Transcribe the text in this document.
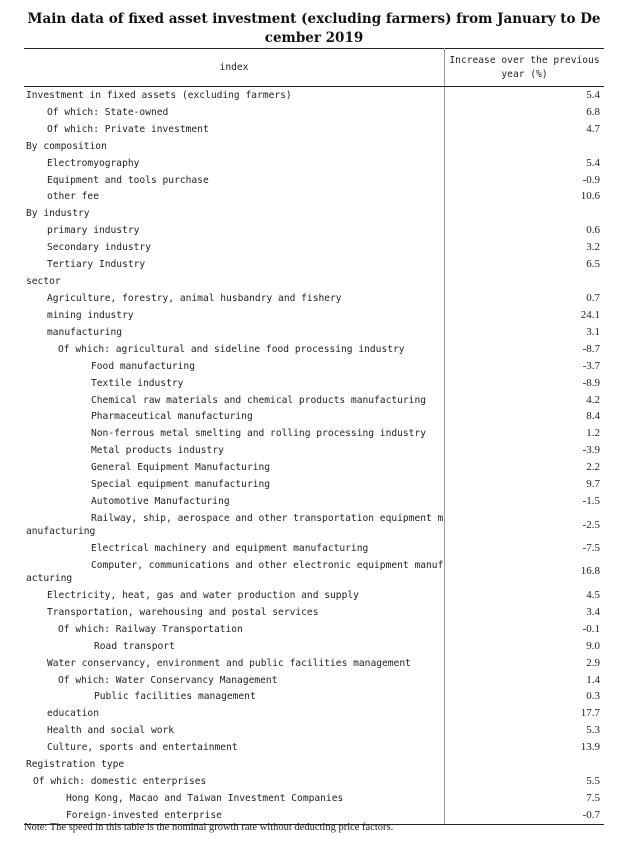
Main data of fixed asset investment (excluding farmers) from January to December 2019
index	Increase over the previous year (%)
Investment in fixed assets (excluding farmers)	5.4
Of which: State-owned	6.8
Of which: Private investment	4.7
By composition	
Electromyography	5.4
Equipment and tools purchase	-0.9
other fee	10.6
By industry	
primary industry	0.6
Secondary industry	3.2
Tertiary Industry	6.5
sector	
Agriculture, forestry, animal husbandry and fishery	0.7
mining industry	24.1
manufacturing	3.1
Of which: agricultural and sideline food processing industry	-8.7
Food manufacturing	-3.7
Textile industry	-8.9
Chemical raw materials and chemical products manufacturing	4.2
Pharmaceutical manufacturing	8.4
Non-ferrous metal smelting and rolling processing industry	1.2
Metal products industry	-3.9
General Equipment Manufacturing	2.2
Special equipment manufacturing	9.7
Automotive Manufacturing	-1.5
Railway, ship, aerospace and other transportation equipment manufacturing	-2.5
Electrical machinery and equipment manufacturing	-7.5
Computer, communications and other electronic equipment manufacturing	16.8
Electricity, heat, gas and water production and supply	4.5
Transportation, warehousing and postal services	3.4
Of which: Railway Transportation	-0.1
Road transport	9.0
Water conservancy, environment and public facilities management	2.9
Of which: Water Conservancy Management	1.4
Public facilities management	0.3
education	17.7
Health and social work	5.3
Culture, sports and entertainment	13.9
Registration type	
Of which: domestic enterprises	5.5
Hong Kong, Macao and Taiwan Investment Companies	7.5
Foreign-invested enterprise	-0.7
Note: The speed in this table is the nominal growth rate without deducting price factors.
